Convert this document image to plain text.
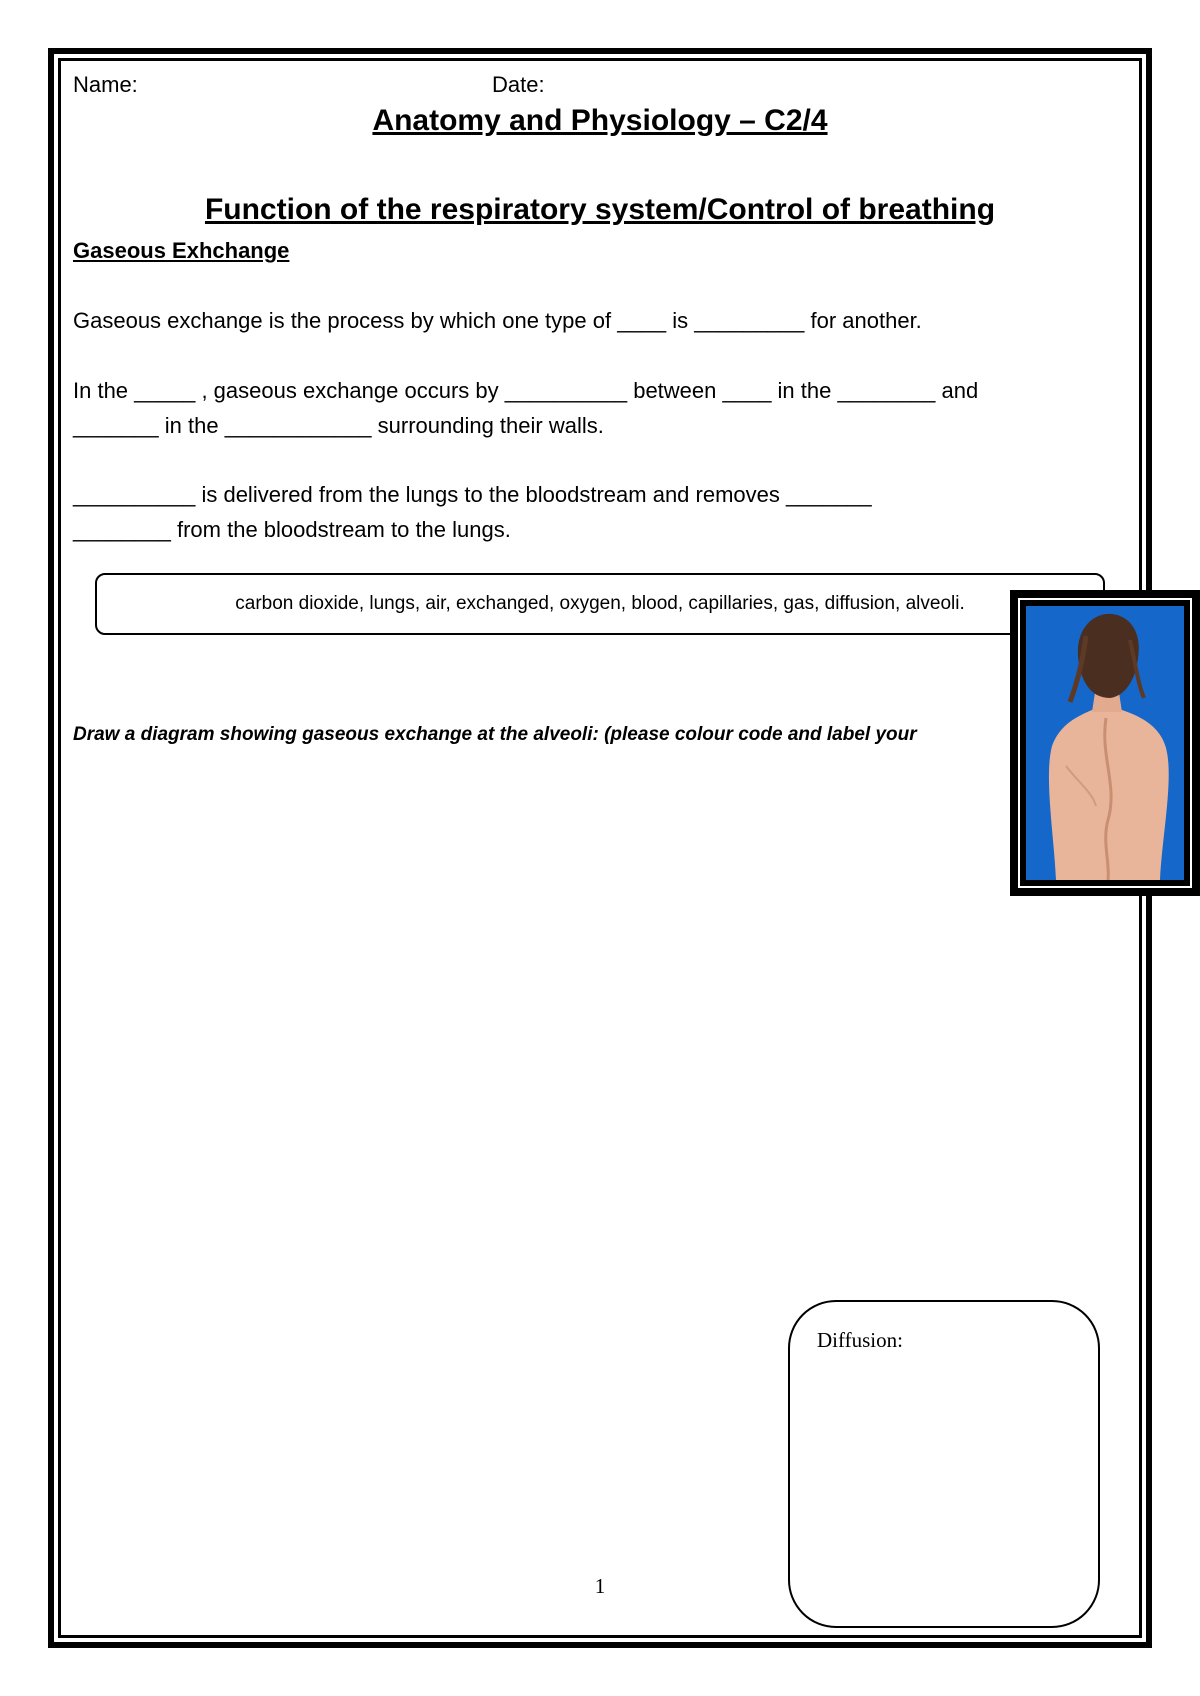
Name:	Date:
Anatomy and Physiology – C2/4
Function of the respiratory system/Control of breathing
Gaseous Exhchange
Gaseous exchange is the process by which one type of ____ is _________ for another.
In the _____ , gaseous exchange occurs by __________ between ____ in the ________ and
_______ in the ____________ surrounding their walls.
__________ is delivered from the lungs to the bloodstream and removes _______
________ from the bloodstream to the lungs.
carbon dioxide, lungs, air, exchanged, oxygen, blood, capillaries, gas, diffusion, alveoli.
Draw a diagram showing gaseous exchange at the alveoli: (please colour code and label your
Diffusion:
1
